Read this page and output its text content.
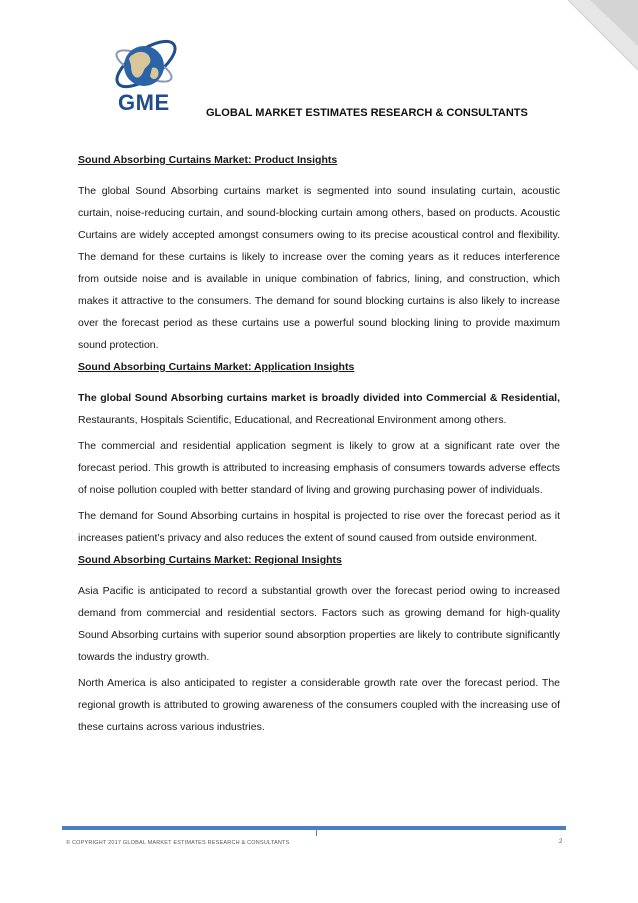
GME	GLOBAL MARKET ESTIMATES RESEARCH & CONSULTANTS

Sound Absorbing Curtains Market: Product Insights

The global Sound Absorbing curtains market is segmented into sound insulating curtain, acoustic curtain, noise-reducing curtain, and sound-blocking curtain among others, based on products. Acoustic Curtains are widely accepted amongst consumers owing to its precise acoustical control and flexibility. The demand for these curtains is likely to increase over the coming years as it reduces interference from outside noise and is available in unique combination of fabrics, lining, and construction, which makes it attractive to the consumers. The demand for sound blocking curtains is also likely to increase over the forecast period as these curtains use a powerful sound blocking lining to provide maximum sound protection.

Sound Absorbing Curtains Market: Application Insights

The global Sound Absorbing curtains market is broadly divided into Commercial & Residential, Restaurants, Hospitals Scientific, Educational, and Recreational Environment among others.

The commercial and residential application segment is likely to grow at a significant rate over the forecast period. This growth is attributed to increasing emphasis of consumers towards adverse effects of noise pollution coupled with better standard of living and growing purchasing power of individuals.

The demand for Sound Absorbing curtains in hospital is projected to rise over the forecast period as it increases patient’s privacy and also reduces the extent of sound caused from outside environment.

Sound Absorbing Curtains Market: Regional Insights

Asia Pacific is anticipated to record a substantial growth over the forecast period owing to increased demand from commercial and residential sectors. Factors such as growing demand for high-quality Sound Absorbing curtains with superior sound absorption properties are likely to contribute significantly towards the industry growth.

North America is also anticipated to register a considerable growth rate over the forecast period. The regional growth is attributed to growing awareness of the consumers coupled with the increasing use of these curtains across various industries.

© COPYRIGHT 2017 GLOBAL MARKET ESTIMATES RESEARCH & CONSULTANTS	2
